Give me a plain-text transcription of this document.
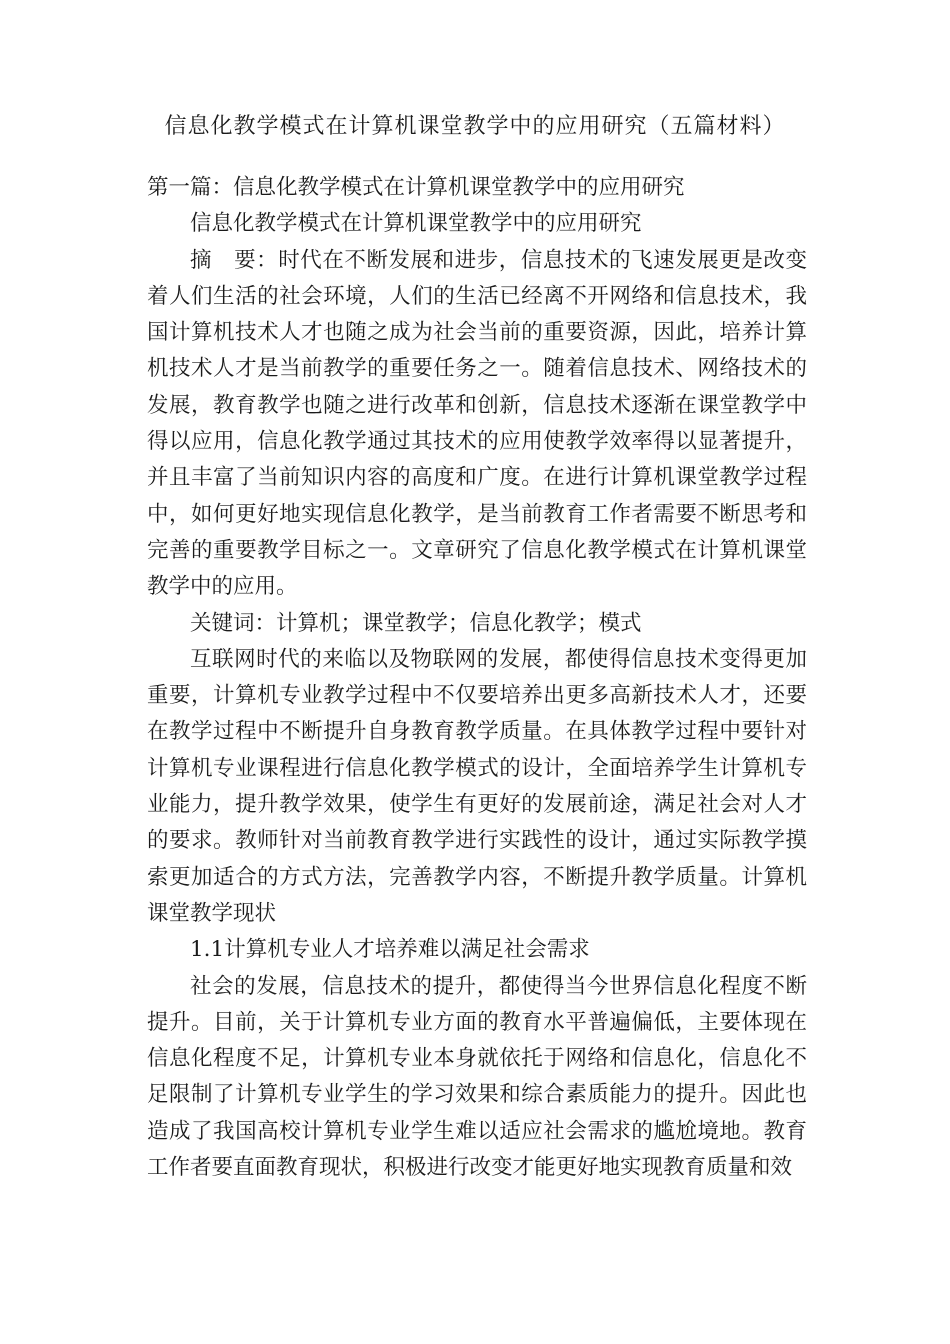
信息化教学模式在计算机课堂教学中的应用研究（五篇材料）

第一篇：信息化教学模式在计算机课堂教学中的应用研究

信息化教学模式在计算机课堂教学中的应用研究

摘　要：时代在不断发展和进步，信息技术的飞速发展更是改变着人们生活的社会环境，人们的生活已经离不开网络和信息技术，我国计算机技术人才也随之成为社会当前的重要资源，因此，培养计算机技术人才是当前教学的重要任务之一。随着信息技术、网络技术的发展，教育教学也随之进行改革和创新，信息技术逐渐在课堂教学中得以应用，信息化教学通过其技术的应用使教学效率得以显著提升，并且丰富了当前知识内容的高度和广度。在进行计算机课堂教学过程中，如何更好地实现信息化教学，是当前教育工作者需要不断思考和完善的重要教学目标之一。文章研究了信息化教学模式在计算机课堂教学中的应用。

关键词：计算机；课堂教学；信息化教学；模式

互联网时代的来临以及物联网的发展，都使得信息技术变得更加重要，计算机专业教学过程中不仅要培养出更多高新技术人才，还要在教学过程中不断提升自身教育教学质量。在具体教学过程中要针对计算机专业课程进行信息化教学模式的设计，全面培养学生计算机专业能力，提升教学效果，使学生有更好的发展前途，满足社会对人才的要求。教师针对当前教育教学进行实践性的设计，通过实际教学摸索更加适合的方式方法，完善教学内容，不断提升教学质量。计算机课堂教学现状

1.1计算机专业人才培养难以满足社会需求

社会的发展，信息技术的提升，都使得当今世界信息化程度不断提升。目前，关于计算机专业方面的教育水平普遍偏低，主要体现在信息化程度不足，计算机专业本身就依托于网络和信息化，信息化不足限制了计算机专业学生的学习效果和综合素质能力的提升。因此也造成了我国高校计算机专业学生难以适应社会需求的尴尬境地。教育工作者要直面教育现状，积极进行改变才能更好地实现教育质量和效
